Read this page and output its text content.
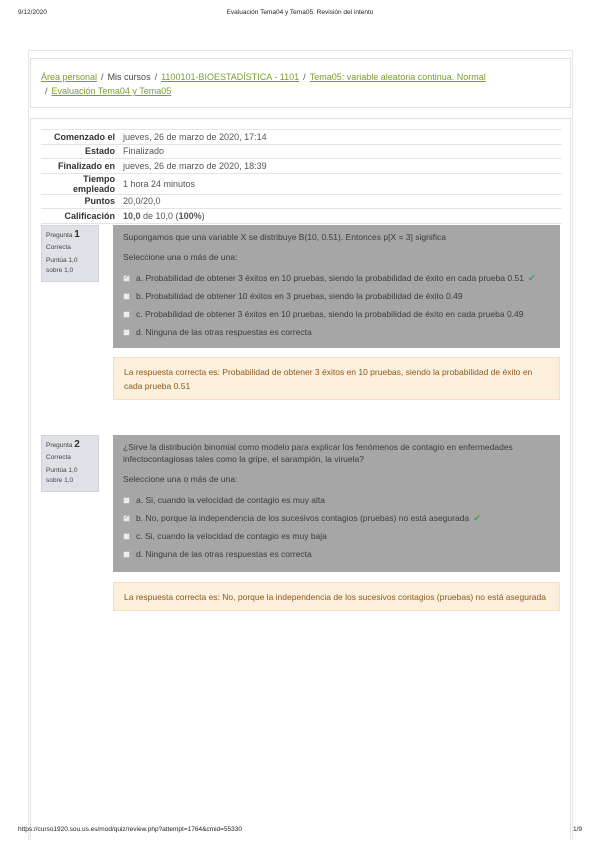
9/12/2020	Evaluación Tema04 y Tema05: Revisión del intento
Área personal / Mis cursos / 1100101-BIOESTADÍSTICA - 1101 / Tema05: variable aleatoria continua. Normal
/ Evaluación Tema04 y Tema05
Comenzado el	jueves, 26 de marzo de 2020, 17:14
Estado	Finalizado
Finalizado en	jueves, 26 de marzo de 2020, 18:39
Tiempo empleado	1 hora 24 minutos
Puntos	20,0/20,0
Calificación	10,0 de 10,0 (100%)
Pregunta 1
Correcta
Puntúa 1,0
sobre 1,0
Supongamos que una variable X se distribuye B(10, 0.51). Entonces p[X = 3] significa
Seleccione una o más de una:
✓ a. Probabilidad de obtener 3 éxitos en 10 pruebas, siendo la probabilidad de éxito en cada prueba 0.51 ✔
b. Probabilidad de obtener 10 éxitos en 3 pruebas, siendo la probabilidad de éxito 0.49
c. Probabilidad de obtener 3 éxitos en 10 pruebas, siendo la probabilidad de éxito en cada prueba 0.49
d. Ninguna de las otras respuestas es correcta
La respuesta correcta es: Probabilidad de obtener 3 éxitos en 10 pruebas, siendo la probabilidad de éxito en
cada prueba 0.51
Pregunta 2
Correcta
Puntúa 1,0
sobre 1,0
¿Sirve la distribución binomial como modelo para explicar los fenómenos de contagio en enfermedades
infectocontagiosas tales como la gripe, el sarampión, la viruela?
Seleccione una o más de una:
a. Si, cuando la velocidad de contagio es muy alta
✓ b. No, porque la independencia de los sucesivos contagios (pruebas) no está asegurada ✔
c. Si, cuando la velocidad de contagio es muy baja
d. Ninguna de las otras respuestas es correcta
La respuesta correcta es: No, porque la independencia de los sucesivos contagios (pruebas) no está asegurada
https://curso1920.sou.us.es/mod/quiz/review.php?attempt=1764&cmid=55330	1/9
